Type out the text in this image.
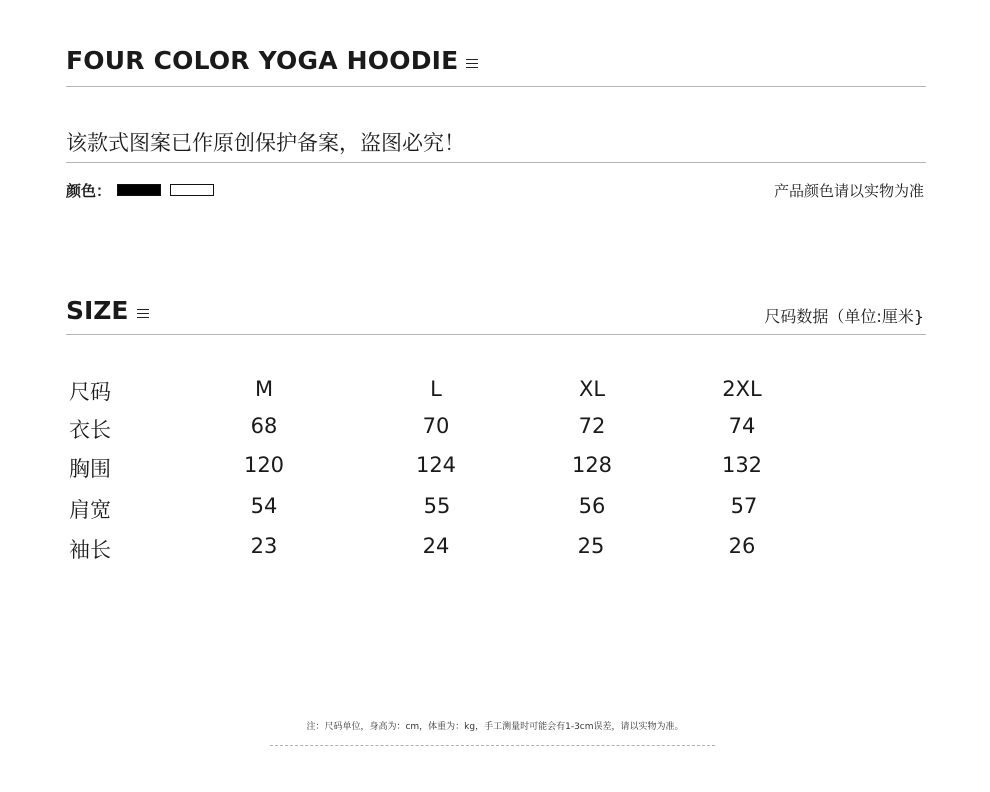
FOUR COLOR YOGA HOODIE
该款式图案已作原创保护备案，盗图必究！
颜色：	产品颜色请以实物为准
SIZE	尺码数据（单位:厘米}
尺码	M	L	XL	2XL
衣长	68	70	72	74
胸围	120	124	128	132
肩宽	54	55	56	57
袖长	23	24	25	26
注：尺码单位，身高为：cm，体重为：kg，手工测量时可能会有1-3cm误差，请以实物为准。
